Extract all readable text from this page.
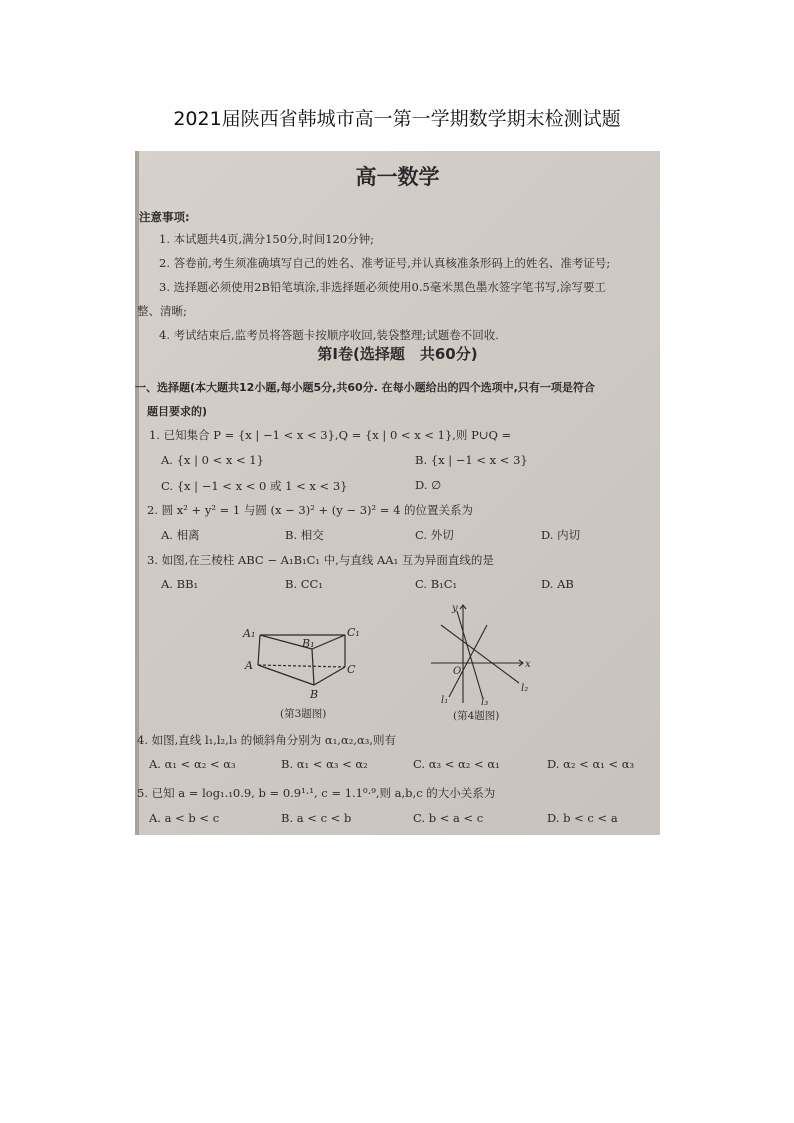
2021届陕西省韩城市高一第一学期数学期末检测试题
高一数学
注意事项:
1. 本试题共4页,满分150分,时间120分钟;
2. 答卷前,考生须准确填写自己的姓名、准考证号,并认真核准条形码上的姓名、准考证号;
3. 选择题必须使用2B铅笔填涂,非选择题必须使用0.5毫米黑色墨水签字笔书写,涂写要工
整、清晰;
4. 考试结束后,监考员将答题卡按顺序收回,装袋整理;试题卷不回收.
第Ⅰ卷(选择题　共60分)
一、选择题(本大题共12小题,每小题5分,共60分. 在每小题给出的四个选项中,只有一项是符合
题目要求的)
1. 已知集合 P = {x | −1 < x < 3},Q = {x | 0 < x < 1},则 P∪Q =
A. {x | 0 < x < 1}	B. {x | −1 < x < 3}
C. {x | −1 < x < 0 或 1 < x < 3}	D. ∅
2. 圆 x² + y² = 1 与圆 (x − 3)² + (y − 3)² = 4 的位置关系为
A. 相离	B. 相交	C. 外切	D. 内切
3. 如图,在三棱柱 ABC − A₁B₁C₁ 中,与直线 AA₁ 互为异面直线的是
A. BB₁	B. CC₁	C. B₁C₁	D. AB
A₁
B₁
C₁
A	C
B
(第3题图)
y
x
O
l₁
l₂
l₃
(第4题图)
4. 如图,直线 l₁,l₂,l₃ 的倾斜角分别为 α₁,α₂,α₃,则有
A. α₁ < α₂ < α₃	B. α₁ < α₃ < α₂	C. α₃ < α₂ < α₁	D. α₂ < α₁ < α₃
5. 已知 a = log₁.₁0.9, b = 0.9¹·¹, c = 1.1⁰·⁹,则 a,b,c 的大小关系为
A. a < b < c	B. a < c < b	C. b < a < c	D. b < c < a
